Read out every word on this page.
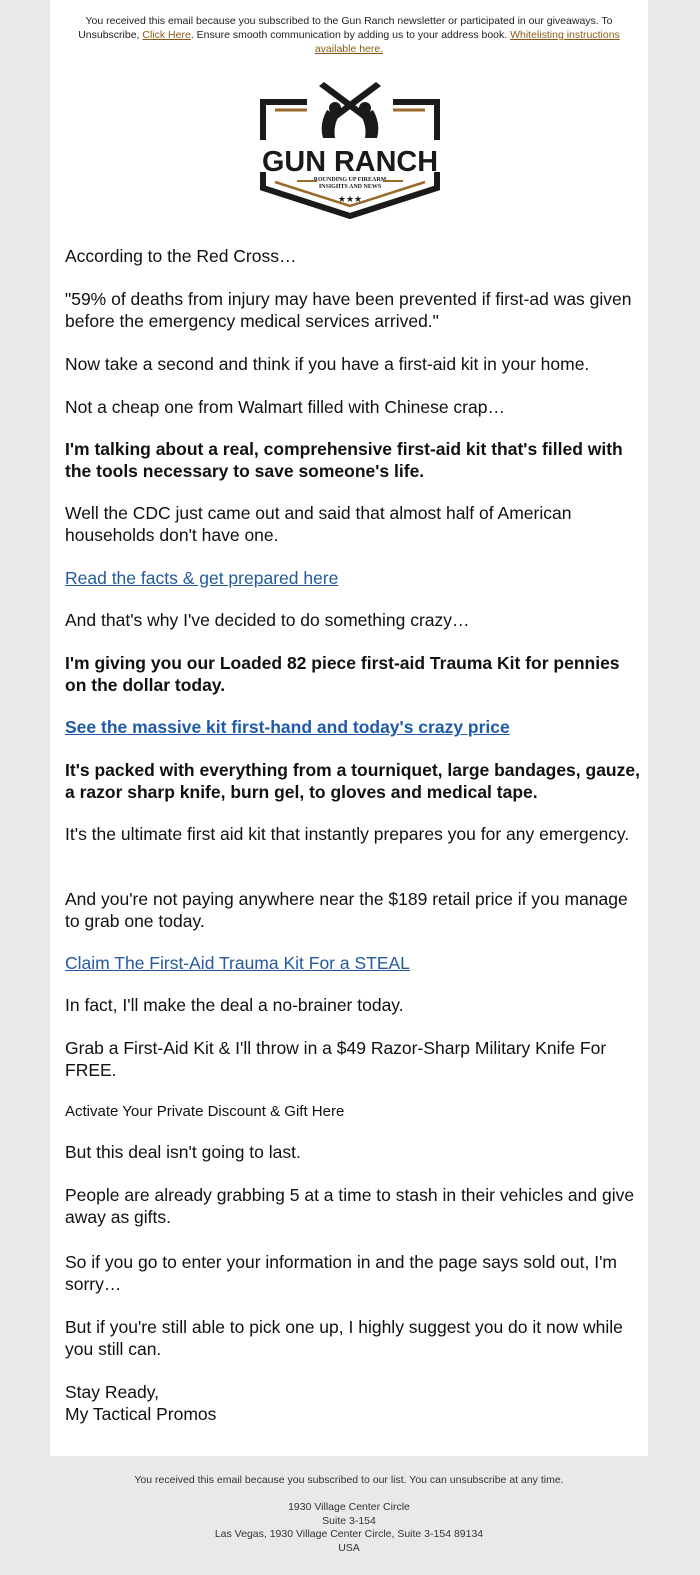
You received this email because you subscribed to the Gun Ranch newsletter or participated in our giveaways. To Unsubscribe, Click Here. Ensure smooth communication by adding us to your address book. Whitelisting instructions available here.
GUN RANCH
ROUNDING UP FIREARM
INSIGHTS AND NEWS
★★★

According to the Red Cross…

"59% of deaths from injury may have been prevented if first-ad was given before the emergency medical services arrived."

Now take a second and think if you have a first-aid kit in your home.

Not a cheap one from Walmart filled with Chinese crap…

I'm talking about a real, comprehensive first-aid kit that's filled with the tools necessary to save someone's life.

Well the CDC just came out and said that almost half of American households don't have one.

Read the facts & get prepared here

And that's why I've decided to do something crazy…

I'm giving you our Loaded 82 piece first-aid Trauma Kit for pennies on the dollar today.

See the massive kit first-hand and today's crazy price

It's packed with everything from a tourniquet, large bandages, gauze, a razor sharp knife, burn gel, to gloves and medical tape.

It's the ultimate first aid kit that instantly prepares you for any emergency.

And you're not paying anywhere near the $189 retail price if you manage to grab one today.

Claim The First-Aid Trauma Kit For a STEAL

In fact, I'll make the deal a no-brainer today.

Grab a First-Aid Kit & I'll throw in a $49 Razor-Sharp Military Knife For FREE.

Activate Your Private Discount & Gift Here

But this deal isn't going to last.

People are already grabbing 5 at a time to stash in their vehicles and give away as gifts.

So if you go to enter your information in and the page says sold out, I'm sorry…

But if you're still able to pick one up, I highly suggest you do it now while you still can.

Stay Ready,

My Tactical Promos

You received this email because you subscribed to our list. You can unsubscribe at any time.
1930 Village Center Circle
Suite 3-154
Las Vegas, 1930 Village Center Circle, Suite 3-154 89134
USA
